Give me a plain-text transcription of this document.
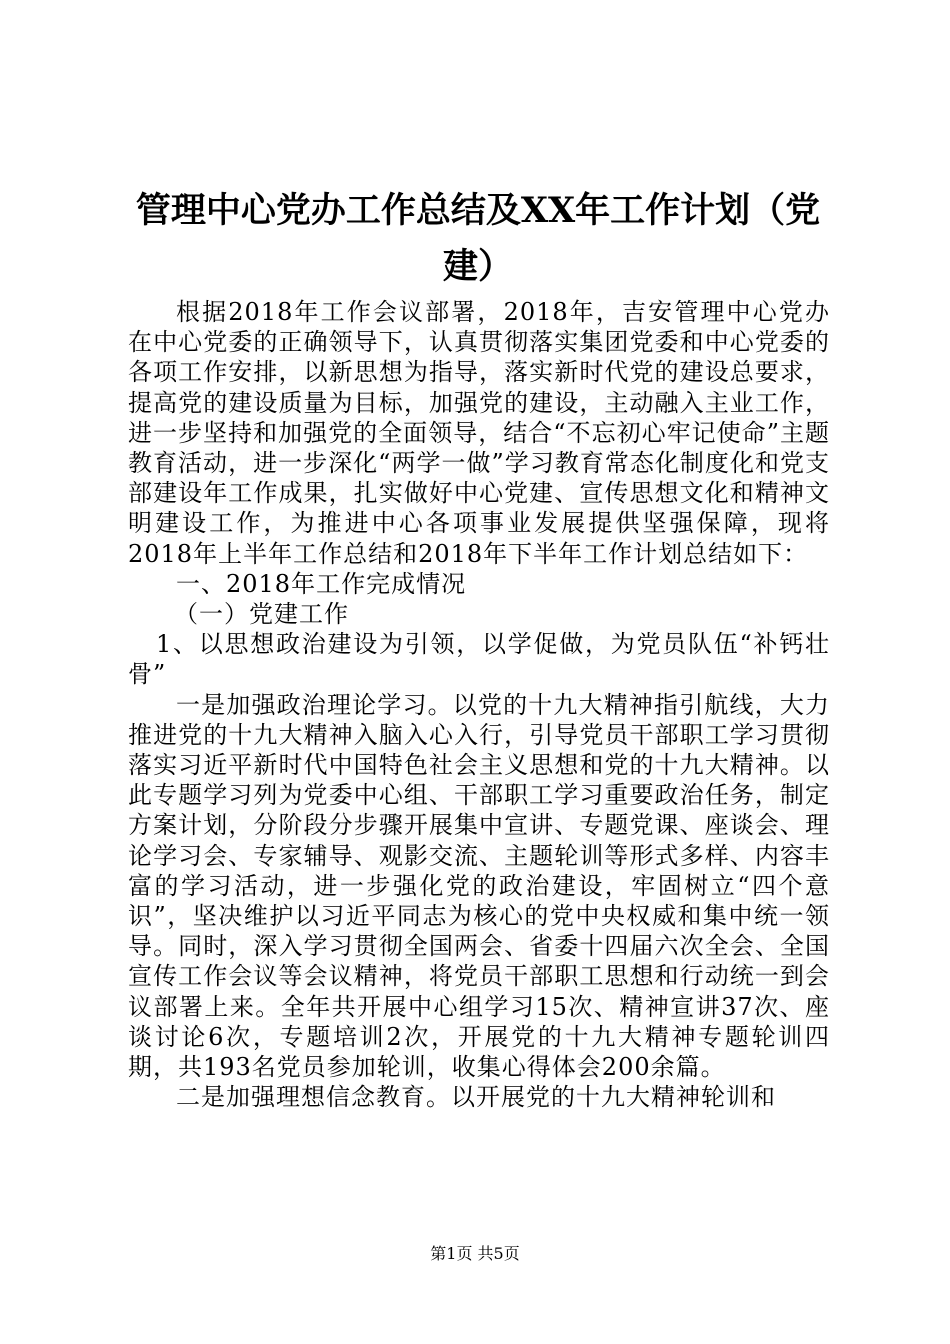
管理中心党办工作总结及XX年工作计划（党建）

根据2018年工作会议部署，2018年，吉安管理中心党办在中心党委的正确领导下，认真贯彻落实集团党委和中心党委的各项工作安排，以新思想为指导，落实新时代党的建设总要求，提高党的建设质量为目标，加强党的建设，主动融入主业工作，进一步坚持和加强党的全面领导，结合“不忘初心牢记使命”主题教育活动，进一步深化“两学一做”学习教育常态化制度化和党支部建设年工作成果，扎实做好中心党建、宣传思想文化和精神文明建设工作，为推进中心各项事业发展提供坚强保障，现将2018年上半年工作总结和2018年下半年工作计划总结如下：

一、2018年工作完成情况

（一）党建工作

1、以思想政治建设为引领，以学促做，为党员队伍“补钙壮骨”

一是加强政治理论学习。以党的十九大精神指引航线，大力推进党的十九大精神入脑入心入行，引导党员干部职工学习贯彻落实习近平新时代中国特色社会主义思想和党的十九大精神。以此专题学习列为党委中心组、干部职工学习重要政治任务，制定方案计划，分阶段分步骤开展集中宣讲、专题党课、座谈会、理论学习会、专家辅导、观影交流、主题轮训等形式多样、内容丰富的学习活动，进一步强化党的政治建设，牢固树立“四个意识”，坚决维护以习近平同志为核心的党中央权威和集中统一领导。同时，深入学习贯彻全国两会、省委十四届六次全会、全国宣传工作会议等会议精神，将党员干部职工思想和行动统一到会议部署上来。全年共开展中心组学习15次、精神宣讲37次、座谈讨论6次，专题培训2次，开展党的十九大精神专题轮训四期，共193名党员参加轮训，收集心得体会200余篇。

二是加强理想信念教育。以开展党的十九大精神轮训和

第1页 共5页
